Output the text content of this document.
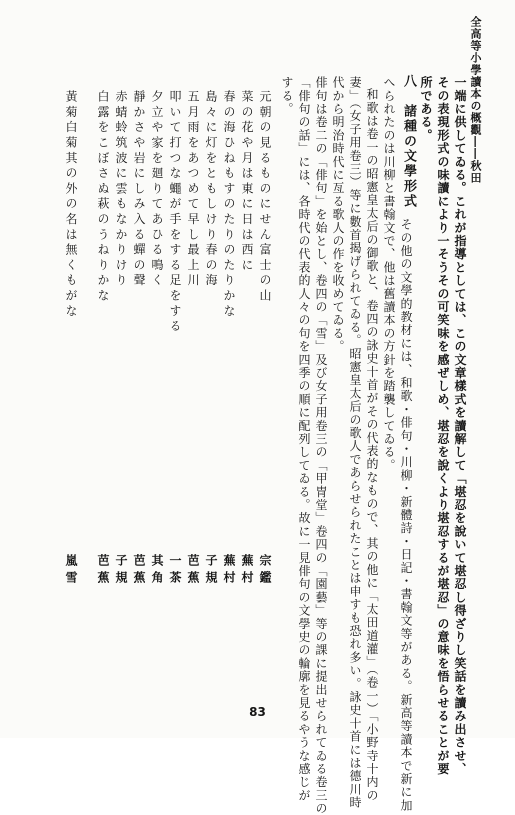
全高等小學讀本の概觀――秋田
一端に供してゐる。これが指導としては、この文章樣式を讀解して「堪忍を說いて堪忍し得ざりし笑話を讀み出させ、
その表現形式の味讀により一そうその可笑味を感ぜしめ、堪忍を說くより堪忍するが堪忍」の意味を悟らせることが要
所である。
八　諸種の文學形式
その他の文學的教材には、和歌・俳句・川柳・新體詩・日記・書翰文等がある。新高等讀本で新に加
へられたのは川柳と書翰文で、他は舊讀本の方針を踏襲してゐる。
和歌は卷一の昭憲皇太后の御歌と、卷四の詠史十首がその代表的なもので、其の他に「太田道灌」（卷一）「小野寺十内の
妻」（女子用卷三）等に數首揭げられてゐる。昭憲皇太后の歌人であらせられたことは申すも恐れ多い。詠史十首には德川時
代から明治時代に亙る歌人の作を收めてゐる。
俳句は卷二の「俳句」を始とし、卷四の「雪」及び女子用卷三の「甲冑堂」卷四の「園藝」等の課に提出せられてゐる卷三の
「俳句の話」には、各時代の代表的人々の句を四季の順に配列してゐる。故に一見俳句の文學史の輪廓を見るやうな感じが
する。
元朝の見るものにせん富士の山
宗鑑
菜の花や月は東に日は西に
蕪村
春の海ひねもすのたりのたりかな
蕪村
島々に灯をともしけり春の海
子規
五月雨をあつめて早し最上川
芭蕉
叩いて打つな蠅が手をする足をする
一茶
夕立や家を廻りてあひる鳴く
其角
靜かさや岩にしみ入る蟬の聲
芭蕉
赤蜻蛉筑波に雲もなかりけり
子規
白露をこぼさぬ萩のうねりかな
芭蕉
黃菊白菊其の外の名は無くもがな
嵐雪
83
